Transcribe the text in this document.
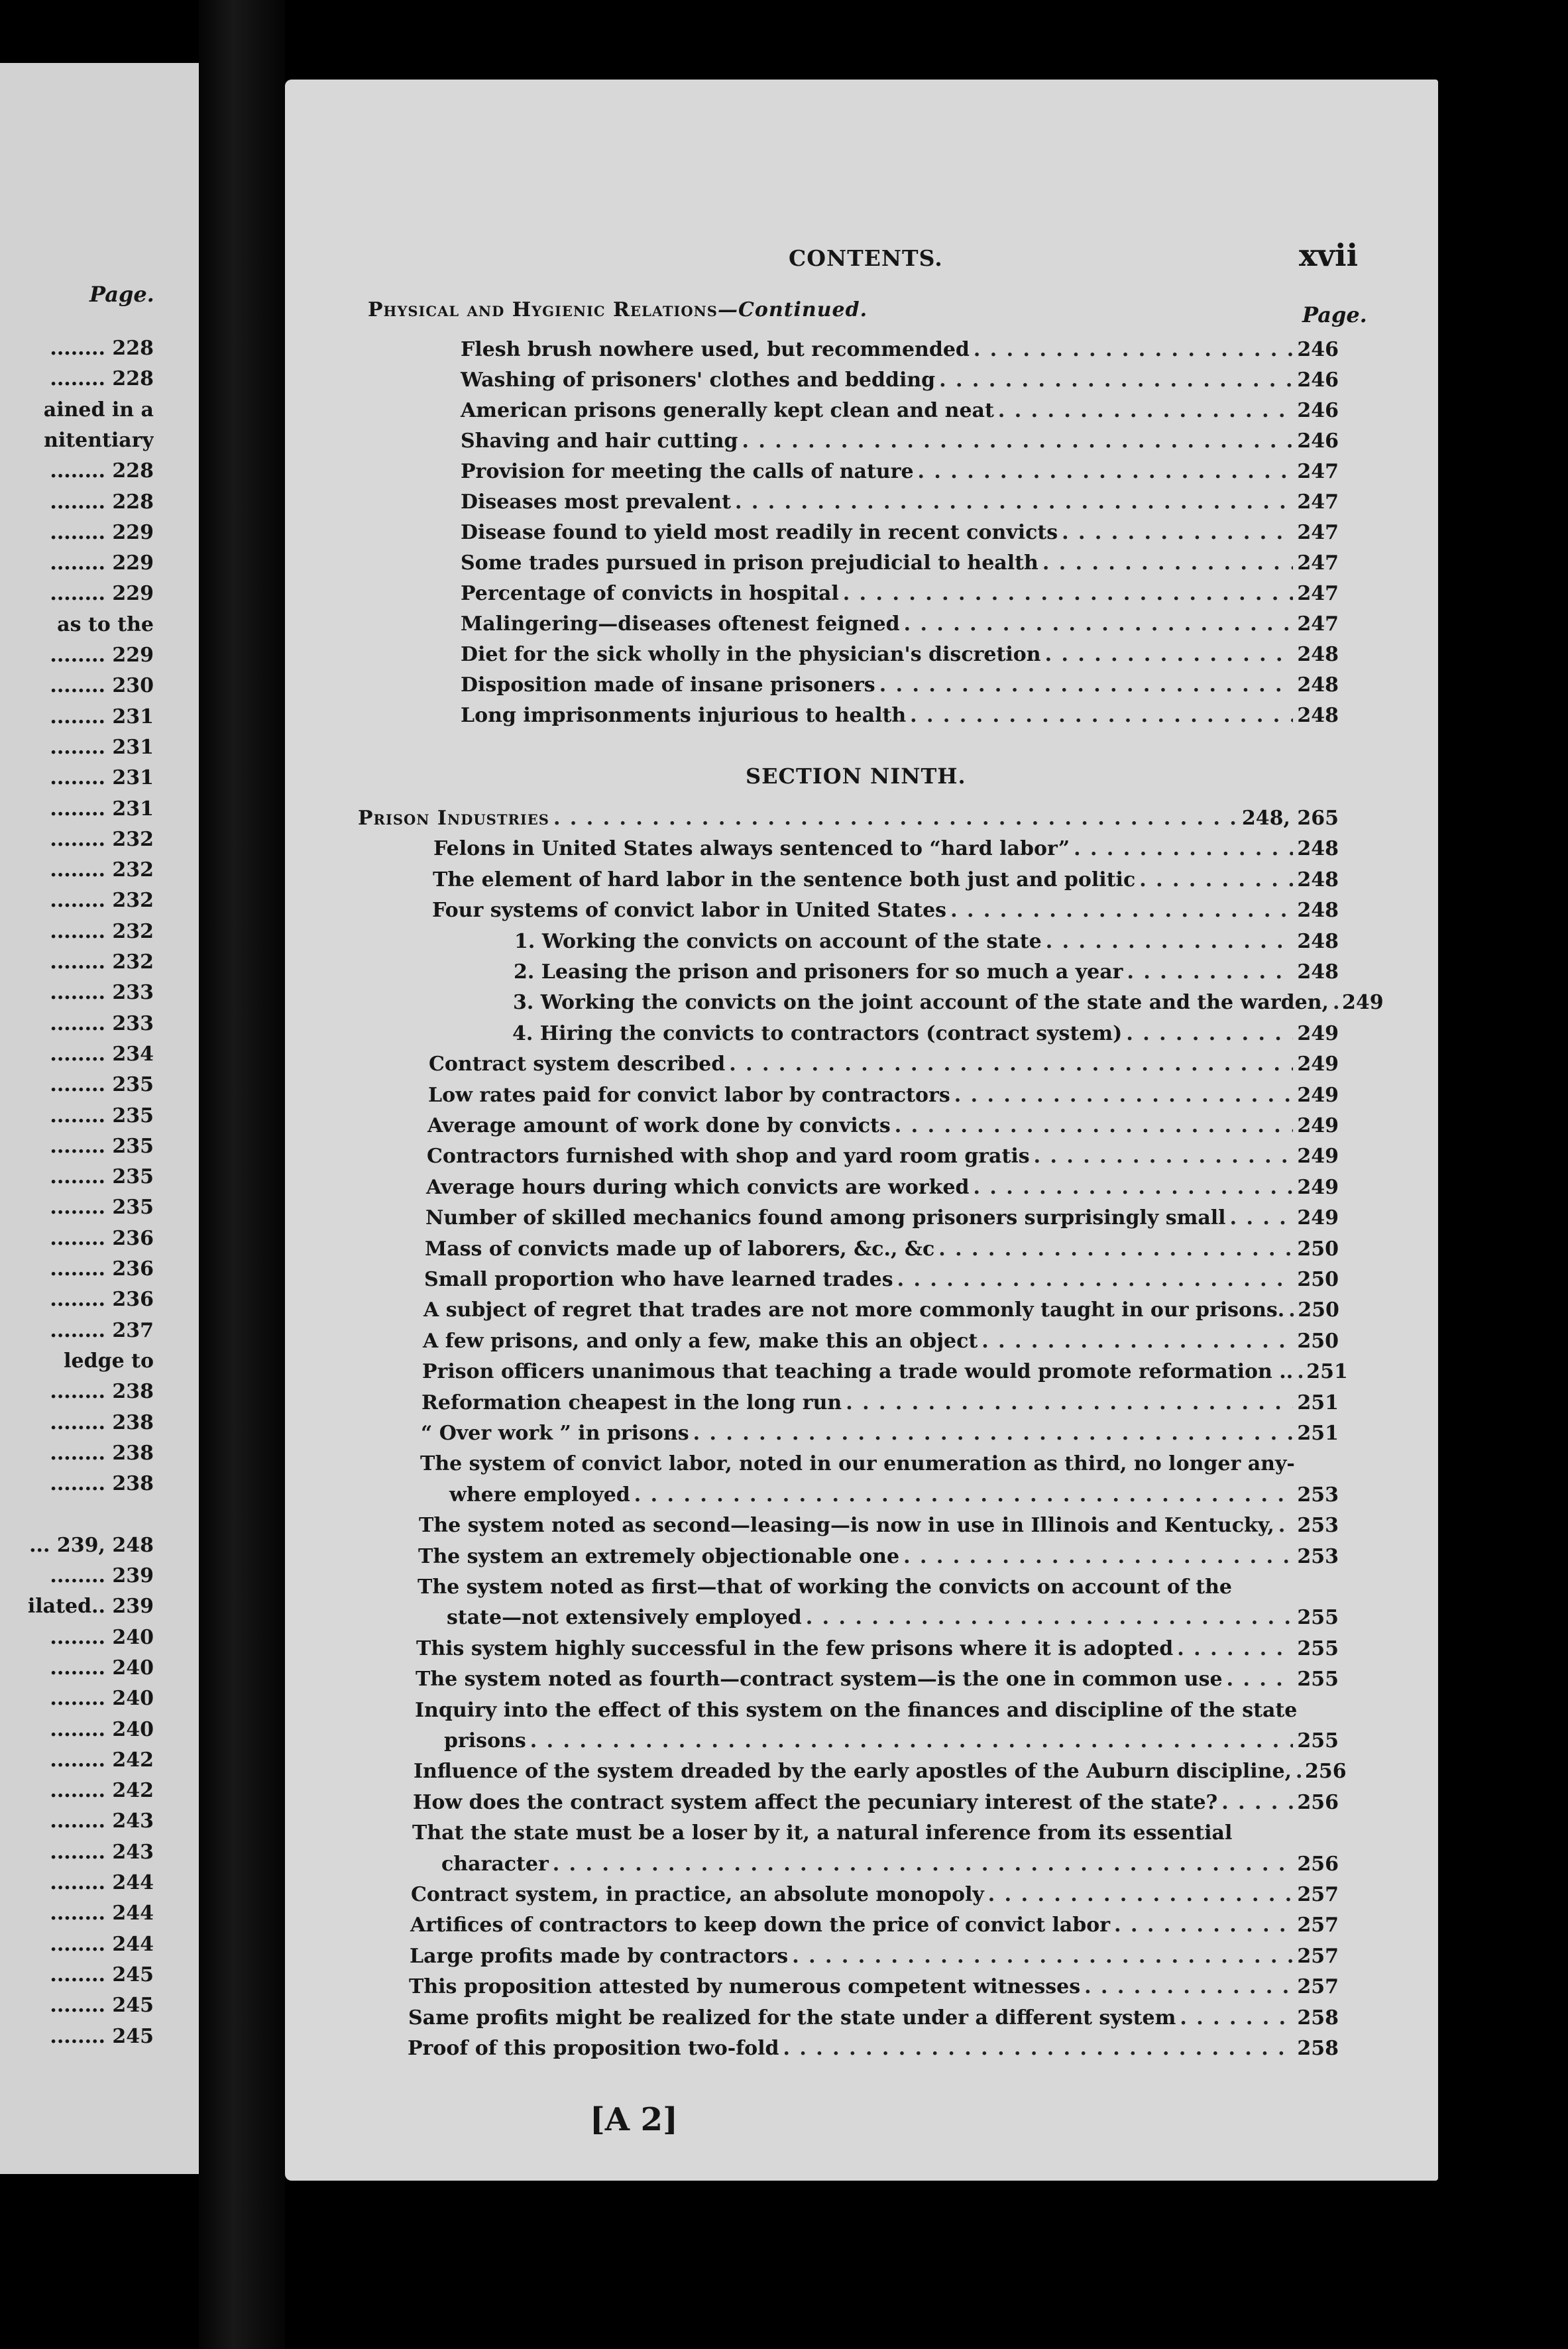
Page.
........ 228
........ 228
ained in a
nitentiary
........ 228
........ 228
........ 229
........ 229
........ 229
as to the
........ 229
........ 230
........ 231
........ 231
........ 231
........ 231
........ 232
........ 232
........ 232
........ 232
........ 232
........ 233
........ 233
........ 234
........ 235
........ 235
........ 235
........ 235
........ 235
........ 236
........ 236
........ 236
........ 237
ledge to
........ 238
........ 238
........ 238
........ 238
... 239, 248
........ 239
ilated.. 239
........ 240
........ 240
........ 240
........ 240
........ 242
........ 242
........ 243
........ 243
........ 244
........ 244
........ 244
........ 245
........ 245
........ 245
CONTENTS.	xvii
Physical and Hygienic Relations—Continued.	Page.
Flesh brush nowhere used, but recommended . . .	246
Washing of prisoners' clothes and bedding . . .	246
American prisons generally kept clean and neat . . .	246
Shaving and hair cutting . . .	246
Provision for meeting the calls of nature . . .	247
Diseases most prevalent . . .	247
Disease found to yield most readily in recent convicts . . .	247
Some trades pursued in prison prejudicial to health . . .	247
Percentage of convicts in hospital . . .	247
Malingering—diseases oftenest feigned . . .	247
Diet for the sick wholly in the physician's discretion . . .	248
Disposition made of insane prisoners . . .	248
Long imprisonments injurious to health . . .	248
SECTION NINTH.
Prison Industries . . .	248, 265
Felons in United States always sentenced to “hard labor” . . .	248
The element of hard labor in the sentence both just and politic . . .	248
Four systems of convict labor in United States . . .	248
1. Working the convicts on account of the state . . .	248
2. Leasing the prison and prisoners for so much a year . . .	248
3. Working the convicts on the joint account of the state and the warden, . . . 249
4. Hiring the convicts to contractors (contract system) . . .	249
Contract system described . . .	249
Low rates paid for convict labor by contractors . . .	249
Average amount of work done by convicts . . .	249
Contractors furnished with shop and yard room gratis . . .	249
Average hours during which convicts are worked . . .	249
Number of skilled mechanics found among prisoners surprisingly small . . .	249
Mass of convicts made up of laborers, &c., &c . . .	250
Small proportion who have learned trades . . .	250
A subject of regret that trades are not more commonly taught in our prisons. . . . 250
A few prisons, and only a few, make this an object . . .	250
Prison officers unanimous that teaching a trade would promote reformation .. . . . 251
Reformation cheapest in the long run . . .	251
“ Over work ” in prisons . . .	251
The system of convict labor, noted in our enumeration as third, no longer any-
where employed . . .	253
The system noted as second—leasing—is now in use in Illinois and Kentucky, . . . 253
The system an extremely objectionable one . . .	253
The system noted as first—that of working the convicts on account of the
state—not extensively employed . . .	255
This system highly successful in the few prisons where it is adopted . . .	255
The system noted as fourth—contract system—is the one in common use . . .	255
Inquiry into the effect of this system on the finances and discipline of the state
prisons . . .	255
Influence of the system dreaded by the early apostles of the Auburn discipline, . . . 256
How does the contract system affect the pecuniary interest of the state? . . .	256
That the state must be a loser by it, a natural inference from its essential
character . . .	256
Contract system, in practice, an absolute monopoly . . .	257
Artifices of contractors to keep down the price of convict labor . . .	257
Large profits made by contractors . . .	257
This proposition attested by numerous competent witnesses . . .	257
Same profits might be realized for the state under a different system . . .	258
Proof of this proposition two-fold . . .	258
[A 2]
